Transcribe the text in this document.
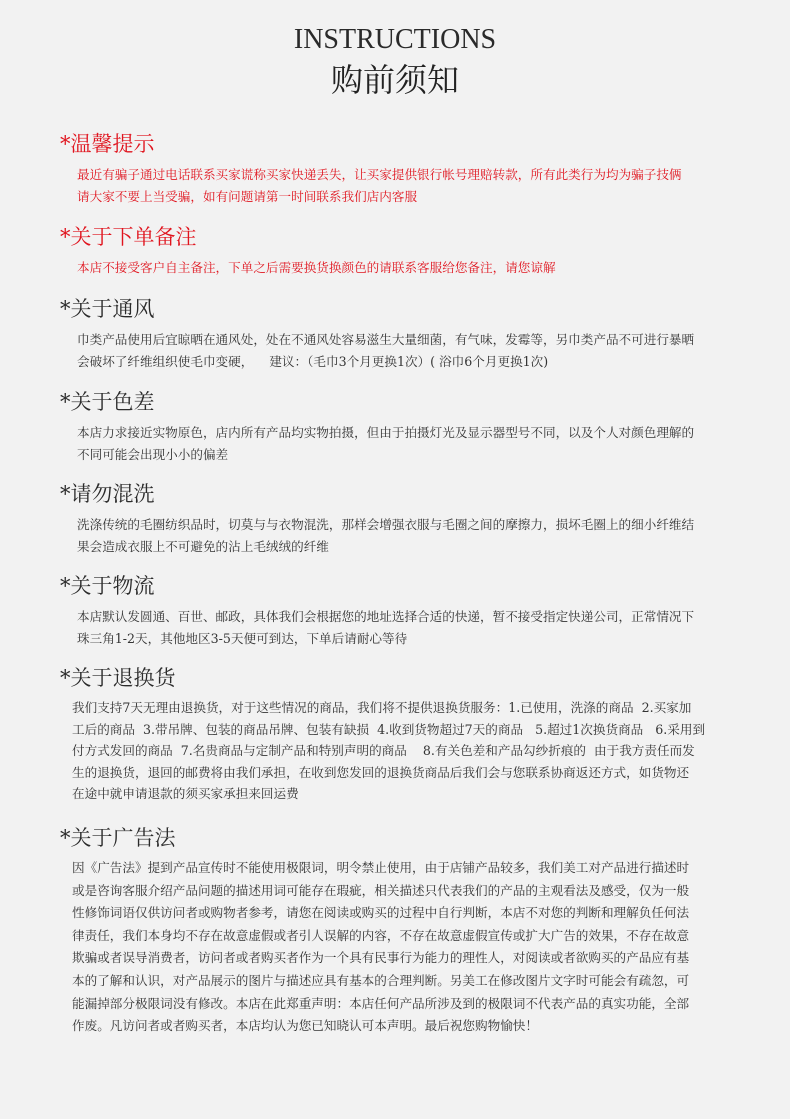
INSTRUCTIONS
购前须知
*温馨提示
最近有骗子通过电话联系买家谎称买家快递丢失，让买家提供银行帐号理赔转款，所有此类行为均为骗子技俩
请大家不要上当受骗，如有问题请第一时间联系我们店内客服
*关于下单备注
本店不接受客户自主备注，下单之后需要换货换颜色的请联系客服给您备注，请您谅解
*关于通风
巾类产品使用后宜晾晒在通风处，处在不通风处容易滋生大量细菌，有气味，发霉等，另巾类产品不可进行暴晒
会破坏了纤维组织使毛巾变硬，    建议：（毛巾3个月更换1次）( 浴巾6个月更换1次)
*关于色差
本店力求接近实物原色，店内所有产品均实物拍摄，但由于拍摄灯光及显示器型号不同，以及个人对颜色理解的
不同可能会出现小小的偏差
*请勿混洗
洗涤传统的毛圈纺织品时，切莫与与衣物混洗，那样会增强衣服与毛圈之间的摩擦力，损坏毛圈上的细小纤维结
果会造成衣服上不可避免的沾上毛绒绒的纤维
*关于物流
本店默认发圆通、百世、邮政，具体我们会根据您的地址选择合适的快递，暂不接受指定快递公司，正常情况下
珠三角1-2天，其他地区3-5天便可到达，下单后请耐心等待
*关于退换货
我们支持7天无理由退换货，对于这些情况的商品，我们将不提供退换货服务：1.已使用，洗涤的商品  2.买家加
工后的商品  3.带吊牌、包装的商品吊牌、包装有缺损  4.收到货物超过7天的商品   5.超过1次换货商品   6.采用到
付方式发回的商品  7.名贵商品与定制产品和特别声明的商品    8.有关色差和产品勾纱折痕的  由于我方责任而发
生的退换货，退回的邮费将由我们承担，在收到您发回的退换货商品后我们会与您联系协商返还方式，如货物还
在途中就申请退款的须买家承担来回运费
*关于广告法
因《广告法》提到产品宣传时不能使用极限词，明令禁止使用，由于店铺产品较多，我们美工对产品进行描述时
或是咨询客服介绍产品问题的描述用词可能存在瑕疵，相关描述只代表我们的产品的主观看法及感受，仅为一般
性修饰词语仅供访问者或购物者参考，请您在阅读或购买的过程中自行判断，本店不对您的判断和理解负任何法
律责任，我们本身均不存在故意虚假或者引人误解的内容，不存在故意虚假宣传或扩大广告的效果，不存在故意
欺骗或者误导消费者，访问者或者购买者作为一个具有民事行为能力的理性人，对阅读或者欲购买的产品应有基
本的了解和认识，对产品展示的图片与描述应具有基本的合理判断。另美工在修改图片文字时可能会有疏忽，可
能漏掉部分极限词没有修改。本店在此郑重声明：本店任何产品所涉及到的极限词不代表产品的真实功能，全部
作废。凡访问者或者购买者，本店均认为您已知晓认可本声明。最后祝您购物愉快！
